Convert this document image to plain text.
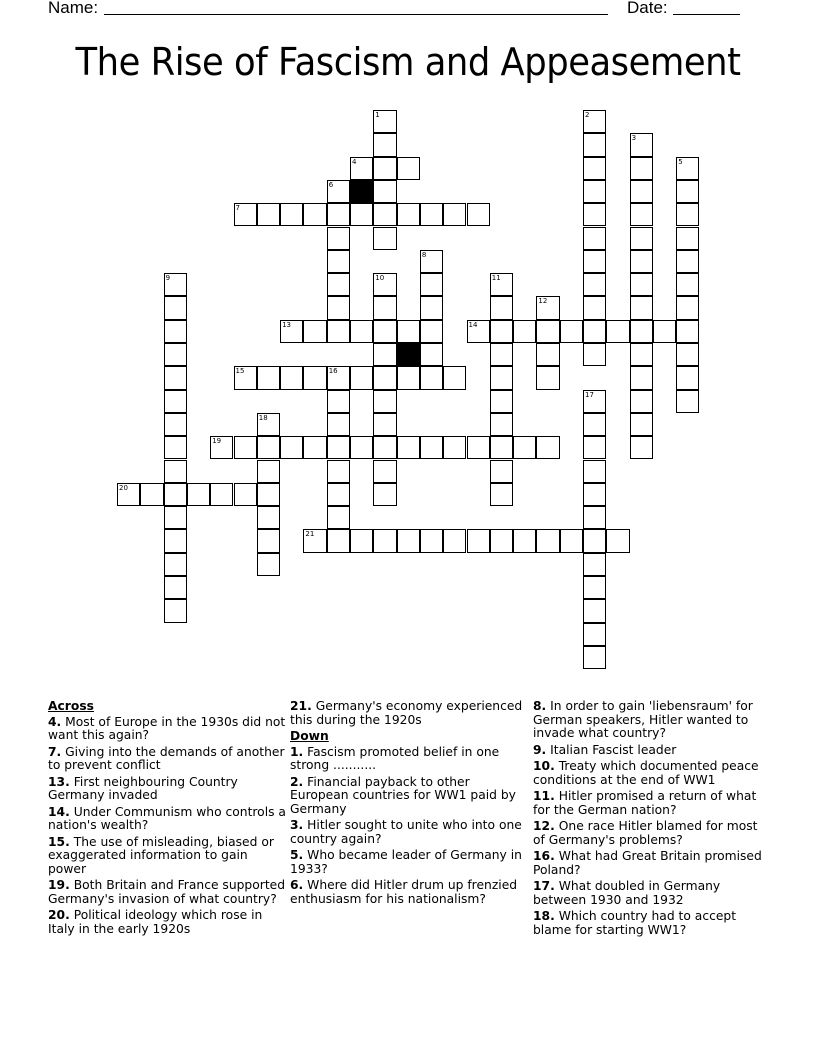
Name:	Date:
The Rise of Fascism and Appeasement
1	2
3
4	5
6
7
8
9	10	11
12
13	14
15	16
17
18
19
20
21
Across
4. Most of Europe in the 1930s did not want this again?
7. Giving into the demands of another to prevent conflict
13. First neighbouring Country Germany invaded
14. Under Communism who controls a nation's wealth?
15. The use of misleading, biased or exaggerated information to gain power
19. Both Britain and France supported Germany's invasion of what country?
20. Political ideology which rose in Italy in the early 1920s
21. Germany's economy experienced this during the 1920s
Down
1. Fascism promoted belief in one strong ...........
2. Financial payback to other European countries for WW1 paid by Germany
3. Hitler sought to unite who into one country again?
5. Who became leader of Germany in 1933?
6. Where did Hitler drum up frenzied enthusiasm for his nationalism?
8. In order to gain 'liebensraum' for German speakers, Hitler wanted to invade what country?
9. Italian Fascist leader
10. Treaty which documented peace conditions at the end of WW1
11. Hitler promised a return of what for the German nation?
12. One race Hitler blamed for most of Germany's problems?
16. What had Great Britain promised Poland?
17. What doubled in Germany between 1930 and 1932
18. Which country had to accept blame for starting WW1?
